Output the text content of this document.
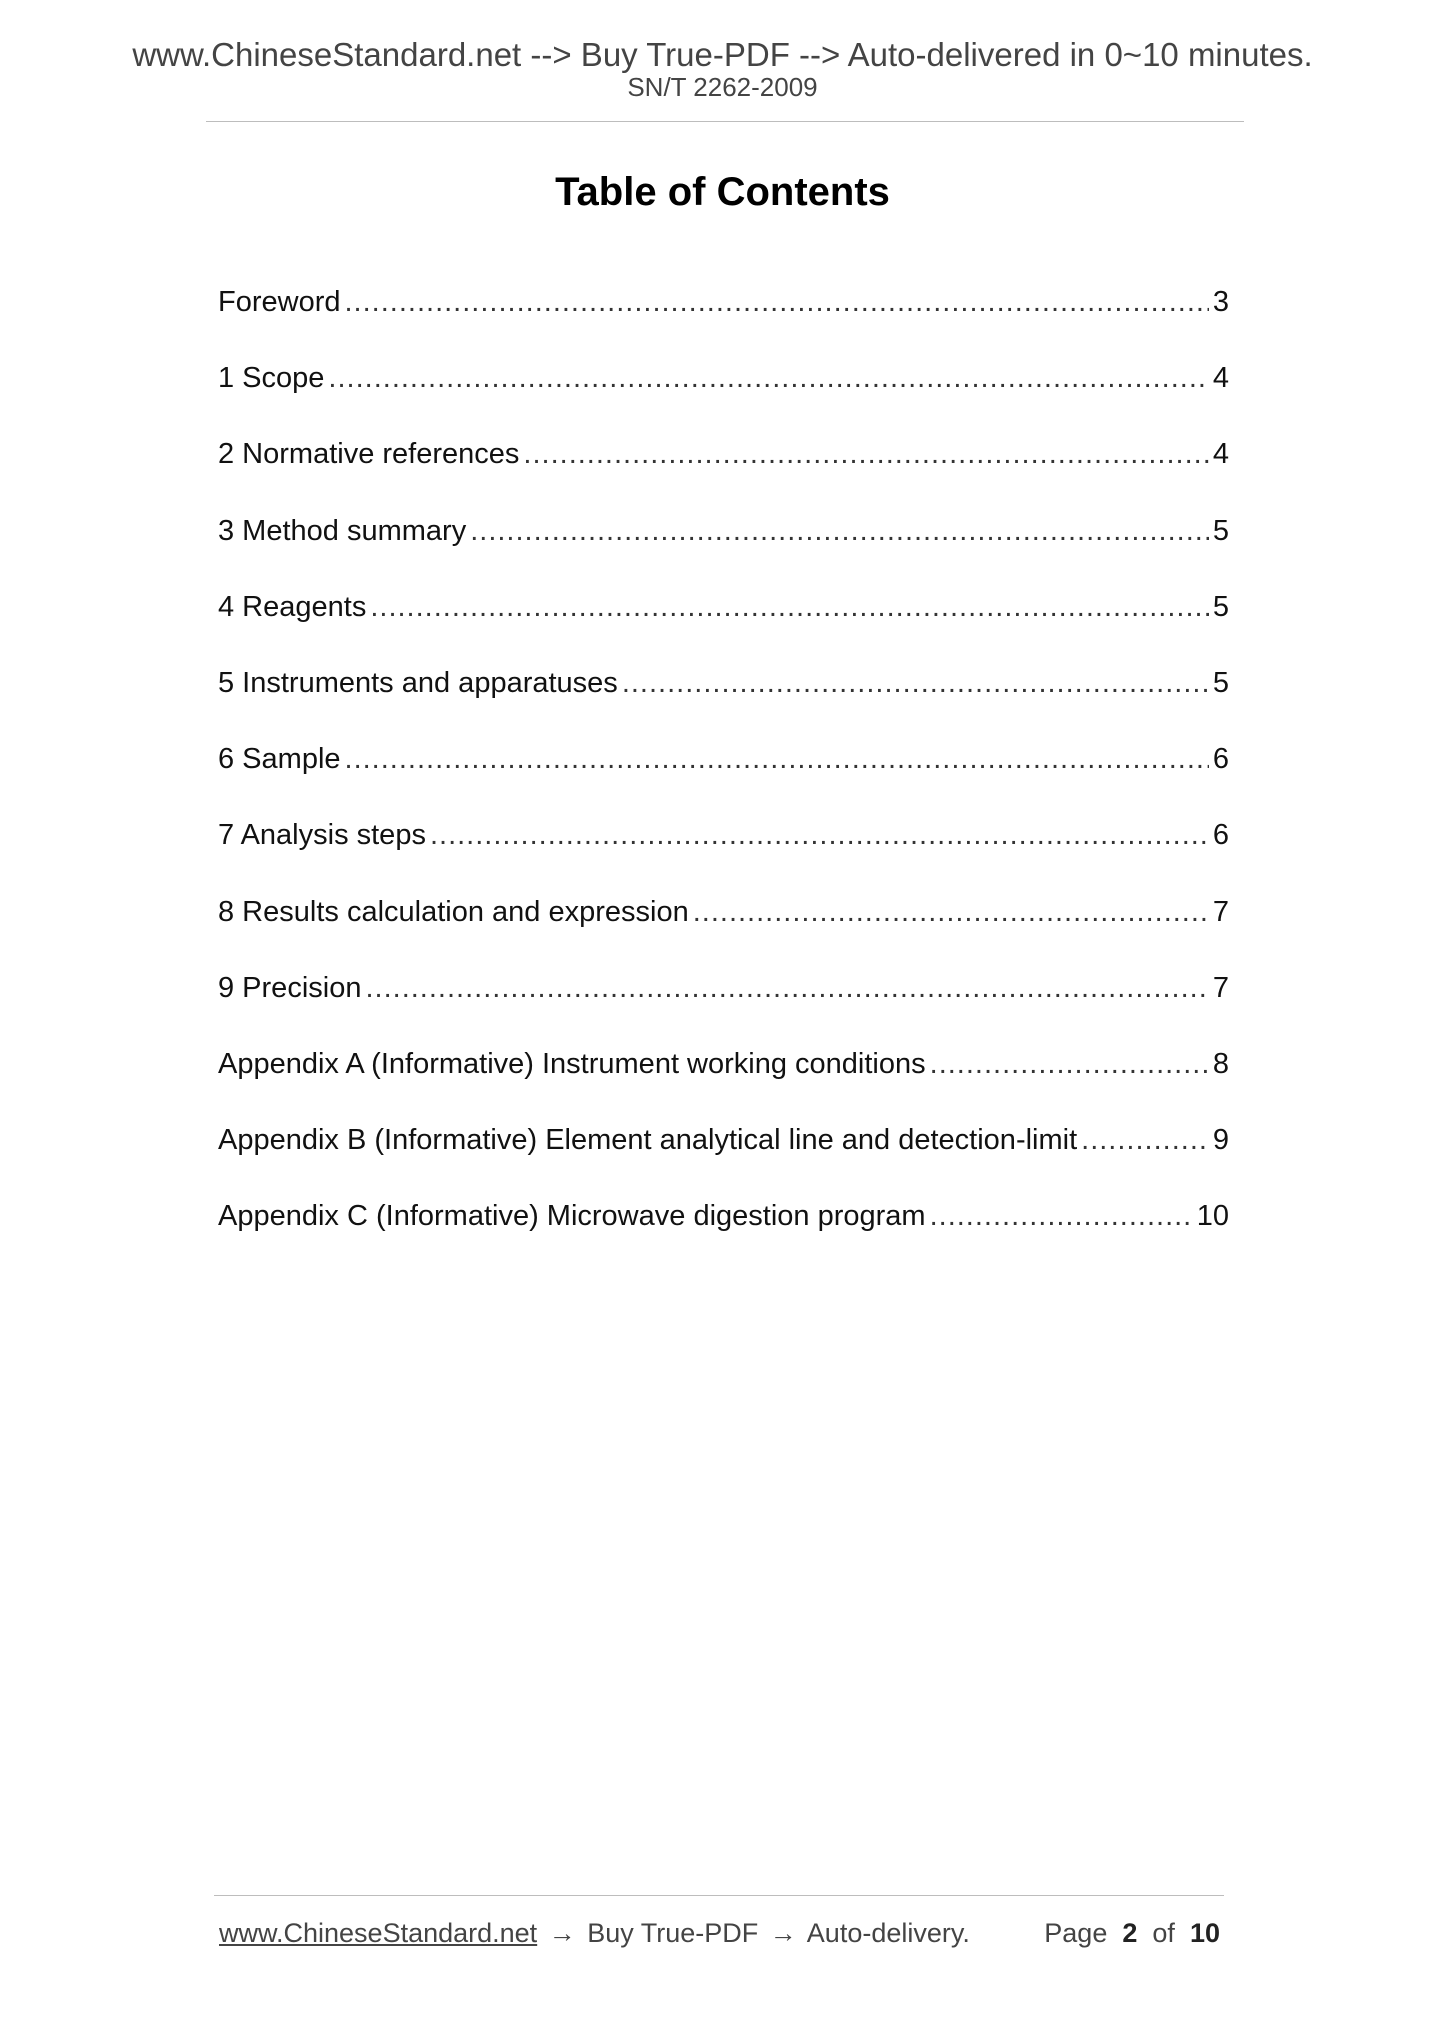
www.ChineseStandard.net --> Buy True-PDF --> Auto-delivered in 0~10 minutes.
SN/T 2262-2009
Table of Contents
Foreword .....	3
1 Scope .....	4
2 Normative references .....	4
3 Method summary .....	5
4 Reagents .....	5
5 Instruments and apparatuses .....	5
6 Sample .....	6
7 Analysis steps .....	6
8 Results calculation and expression .....	7
9 Precision .....	7
Appendix A (Informative) Instrument working conditions .....	8
Appendix B (Informative) Element analytical line and detection-limit .....	9
Appendix C (Informative) Microwave digestion program .....	10
www.ChineseStandard.net → Buy True-PDF → Auto-delivery.	Page 2 of 10
